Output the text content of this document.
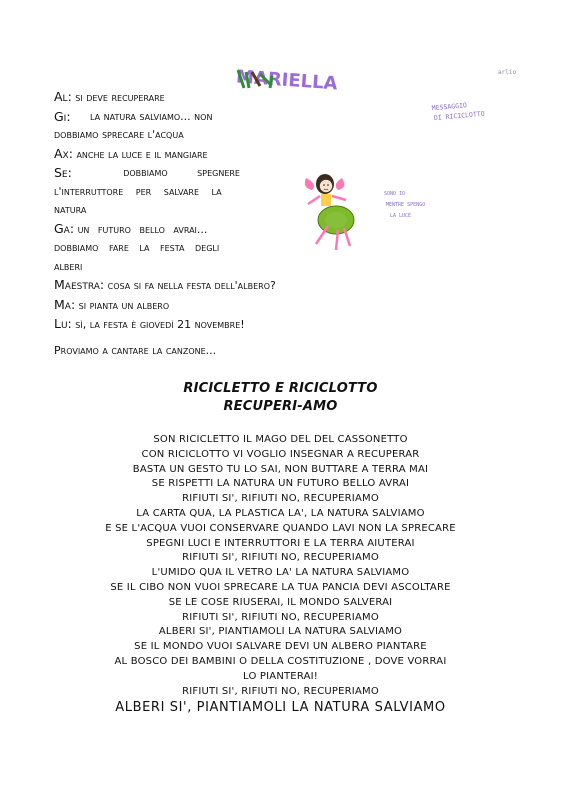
Al: si deve recuperare
Gi: la natura salviamo... non
dobbiamo sprecare l'acqua
Ax: anche la luce e il mangiare
Se:	dobbiamo spegnere
l'interruttore per salvare la
natura
Ga: un futuro bello avrai...
dobbiamo fare la festa degli
alberi
Maestra: cosa si fa nella festa dell'albero?
Ma: si pianta un albero
Lu: sì, la festa è giovedì 21 novembre!
MARIELLA	arlio
MESSAGGIO
DI RICICLOTTO
SONO IO
MENTRE SPENGO
LA LUCE
Proviamo a cantare la canzone...
RICICLETTO E RICICLOTTO
RECUPERI-AMO
SON RICICLETTO IL MAGO DEL DEL CASSONETTO
CON RICICLOTTO VI VOGLIO INSEGNAR A RECUPERAR
BASTA UN GESTO TU LO SAI, NON BUTTARE A TERRA MAI
SE RISPETTI LA NATURA UN FUTURO BELLO AVRAI
RIFIUTI SI', RIFIUTI NO, RECUPERIAMO
LA CARTA QUA, LA PLASTICA LA', LA NATURA SALVIAMO
E SE L'ACQUA VUOI CONSERVARE QUANDO LAVI NON LA SPRECARE
SPEGNI LUCI E INTERRUTTORI E LA TERRA AIUTERAI
RIFIUTI SI', RIFIUTI NO, RECUPERIAMO
L'UMIDO QUA IL VETRO LA' LA NATURA SALVIAMO
SE IL CIBO NON VUOI SPRECARE LA TUA PANCIA DEVI ASCOLTARE
SE LE COSE RIUSERAI, IL MONDO SALVERAI
RIFIUTI SI', RIFIUTI NO, RECUPERIAMO
ALBERI SI', PIANTIAMOLI LA NATURA SALVIAMO
SE IL MONDO VUOI SALVARE DEVI UN ALBERO PIANTARE
AL BOSCO DEI BAMBINI O DELLA COSTITUZIONE , DOVE VORRAI
LO PIANTERAI!
RIFIUTI SI', RIFIUTI NO, RECUPERIAMO
ALBERI SI', PIANTIAMOLI LA NATURA SALVIAMO
